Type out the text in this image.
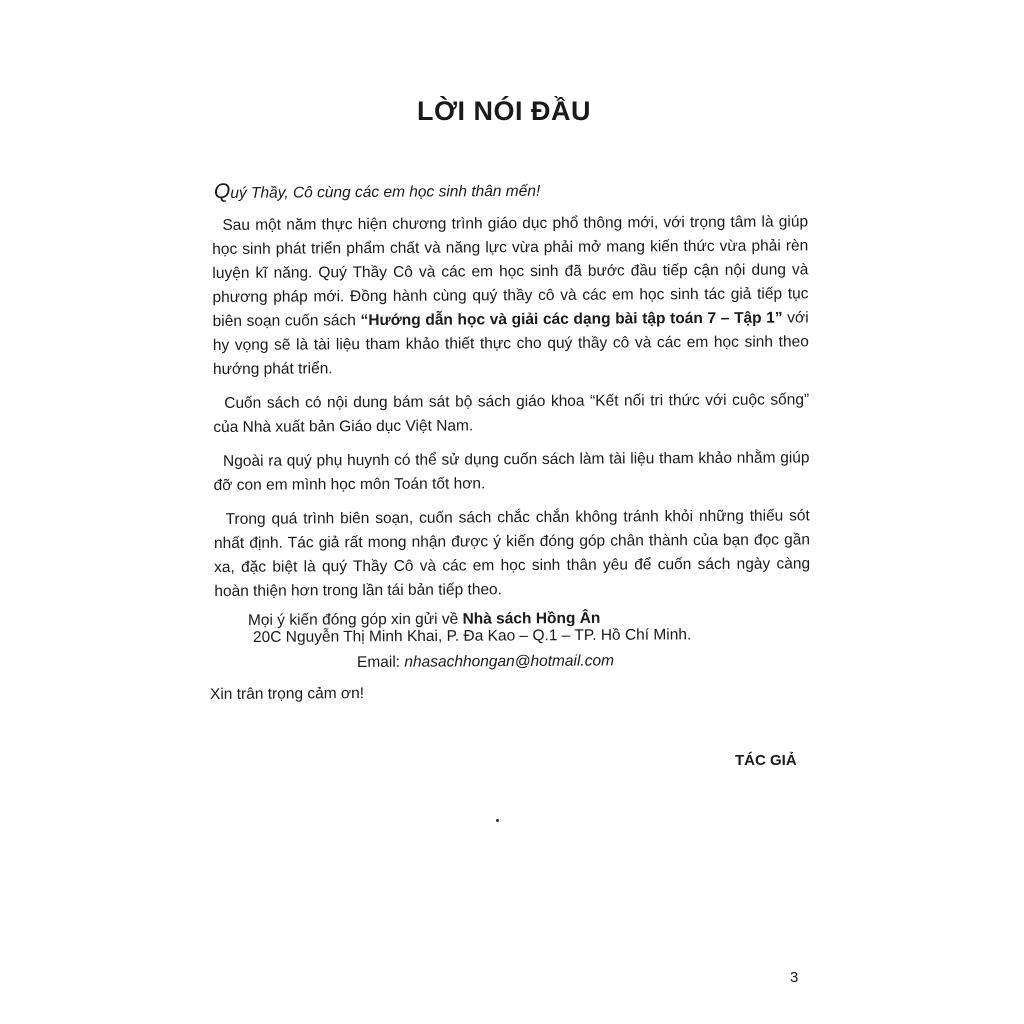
LỜI NÓI ĐẦU
Quý Thầy, Cô cùng các em học sinh thân mến!

Sau một năm thực hiện chương trình giáo dục phổ thông mới, với trọng tâm là giúp học sinh phát triển phẩm chất và năng lực vừa phải mở mang kiến thức vừa phải rèn luyện kĩ năng. Quý Thầy Cô và các em học sinh đã bước đầu tiếp cận nội dung và phương pháp mới. Đồng hành cùng quý thầy cô và các em học sinh tác giả tiếp tục biên soạn cuốn sách “Hướng dẫn học và giải các dạng bài tập toán 7 – Tập 1” với hy vọng sẽ là tài liệu tham khảo thiết thực cho quý thầy cô và các em học sinh theo hướng phát triển.

Cuốn sách có nội dung bám sát bộ sách giáo khoa “Kết nối tri thức với cuộc sống” của Nhà xuất bản Giáo dục Việt Nam.

Ngoài ra quý phụ huynh có thể sử dụng cuốn sách làm tài liệu tham khảo nhằm giúp đỡ con em mình học môn Toán tốt hơn.

Trong quá trình biên soạn, cuốn sách chắc chắn không tránh khỏi những thiếu sót nhất định. Tác giả rất mong nhận được ý kiến đóng góp chân thành của bạn đọc gần xa, đặc biệt là quý Thầy Cô và các em học sinh thân yêu để cuốn sách ngày càng hoàn thiện hơn trong lần tái bản tiếp theo.

Mọi ý kiến đóng góp xin gửi về Nhà sách Hồng Ân
20C Nguyễn Thị Minh Khai, P. Đa Kao – Q.1 – TP. Hồ Chí Minh.
Email: nhasachhongan@hotmail.com
Xin trân trọng cảm ơn!
TÁC GIẢ
3
